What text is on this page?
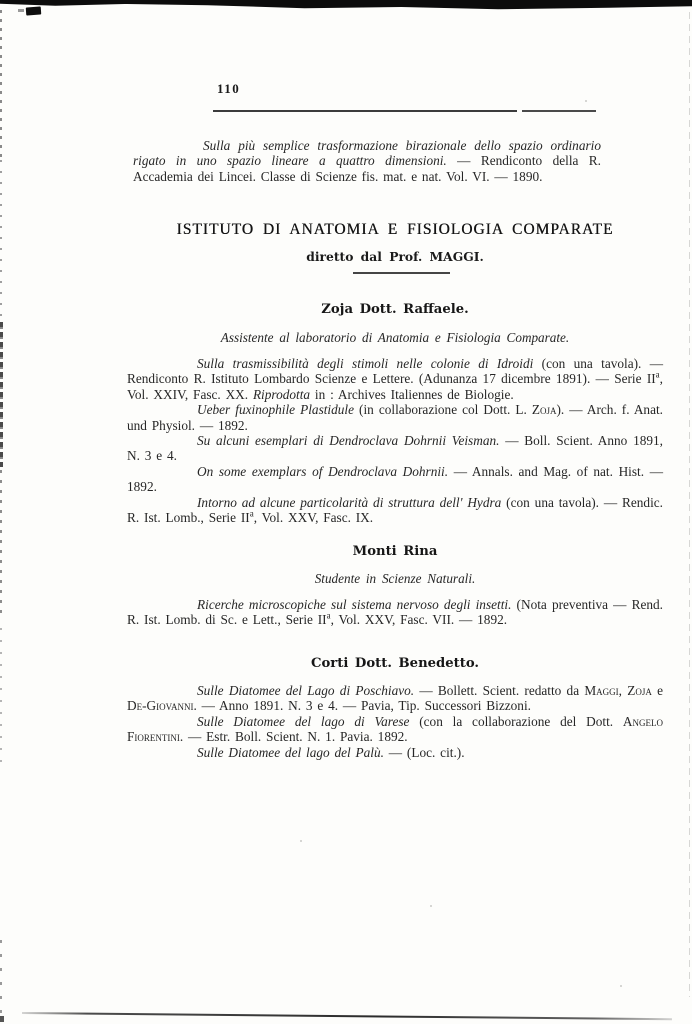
110

Sulla più semplice trasformazione birazionale dello spazio ordinario rigato in uno spazio lineare a quattro dimensioni. — Rendiconto della R. Accademia dei Lincei. Classe di Scienze fis. mat. e nat. Vol. VI. — 1890.

ISTITUTO DI ANATOMIA E FISIOLOGIA COMPARATE
diretto dal Prof. MAGGI.
Zoja Dott. Raffaele.
Assistente al laboratorio di Anatomia e Fisiologia Comparate.

Sulla trasmissibilità degli stimoli nelle colonie di Idroidi (con una tavola). — Rendiconto R. Istituto Lombardo Scienze e Lettere. (Adunanza 17 dicembre 1891). — Serie $II^a$, Vol. XXIV, Fasc. XX. Riprodotta in : Archives Italiennes de Biologie.

Ueber fuxinophile Plastidule (in collaborazione col Dott. L. Zoja). — Arch. f. Anat. und Physiol. — 1892.

Su alcuni esemplari di Dendroclava Dohrnii Veisman. — Boll. Scient. Anno 1891, N. 3 e 4.

On some exemplars of Dendroclava Dohrnii. — Annals. and Mag. of nat. Hist. — 1892.

Intorno ad alcune particolarità di struttura dell' Hydra (con una tavola). — Rendic. R. Ist. Lomb., Serie $II^a$, Vol. XXV, Fasc. IX.

Monti Rina
Studente in Scienze Naturali.

Ricerche microscopiche sul sistema nervoso degli insetti. (Nota preventiva — Rend. R. Ist. Lomb. di Sc. e Lett., Serie $II^a$, Vol. XXV, Fasc. VII. — 1892.

Corti Dott. Benedetto.

Sulle Diatomee del Lago di Poschiavo. — Bollett. Scient. redatto da Maggi, Zoja e De-Giovanni. — Anno 1891. N. 3 e 4. — Pavia, Tip. Successori Bizzoni.

Sulle Diatomee del lago di Varese (con la collaborazione del Dott. Angelo Fiorentini. — Estr. Boll. Scient. N. 1. Pavia. 1892.

Sulle Diatomee del lago del Palù. — (Loc. cit.).
